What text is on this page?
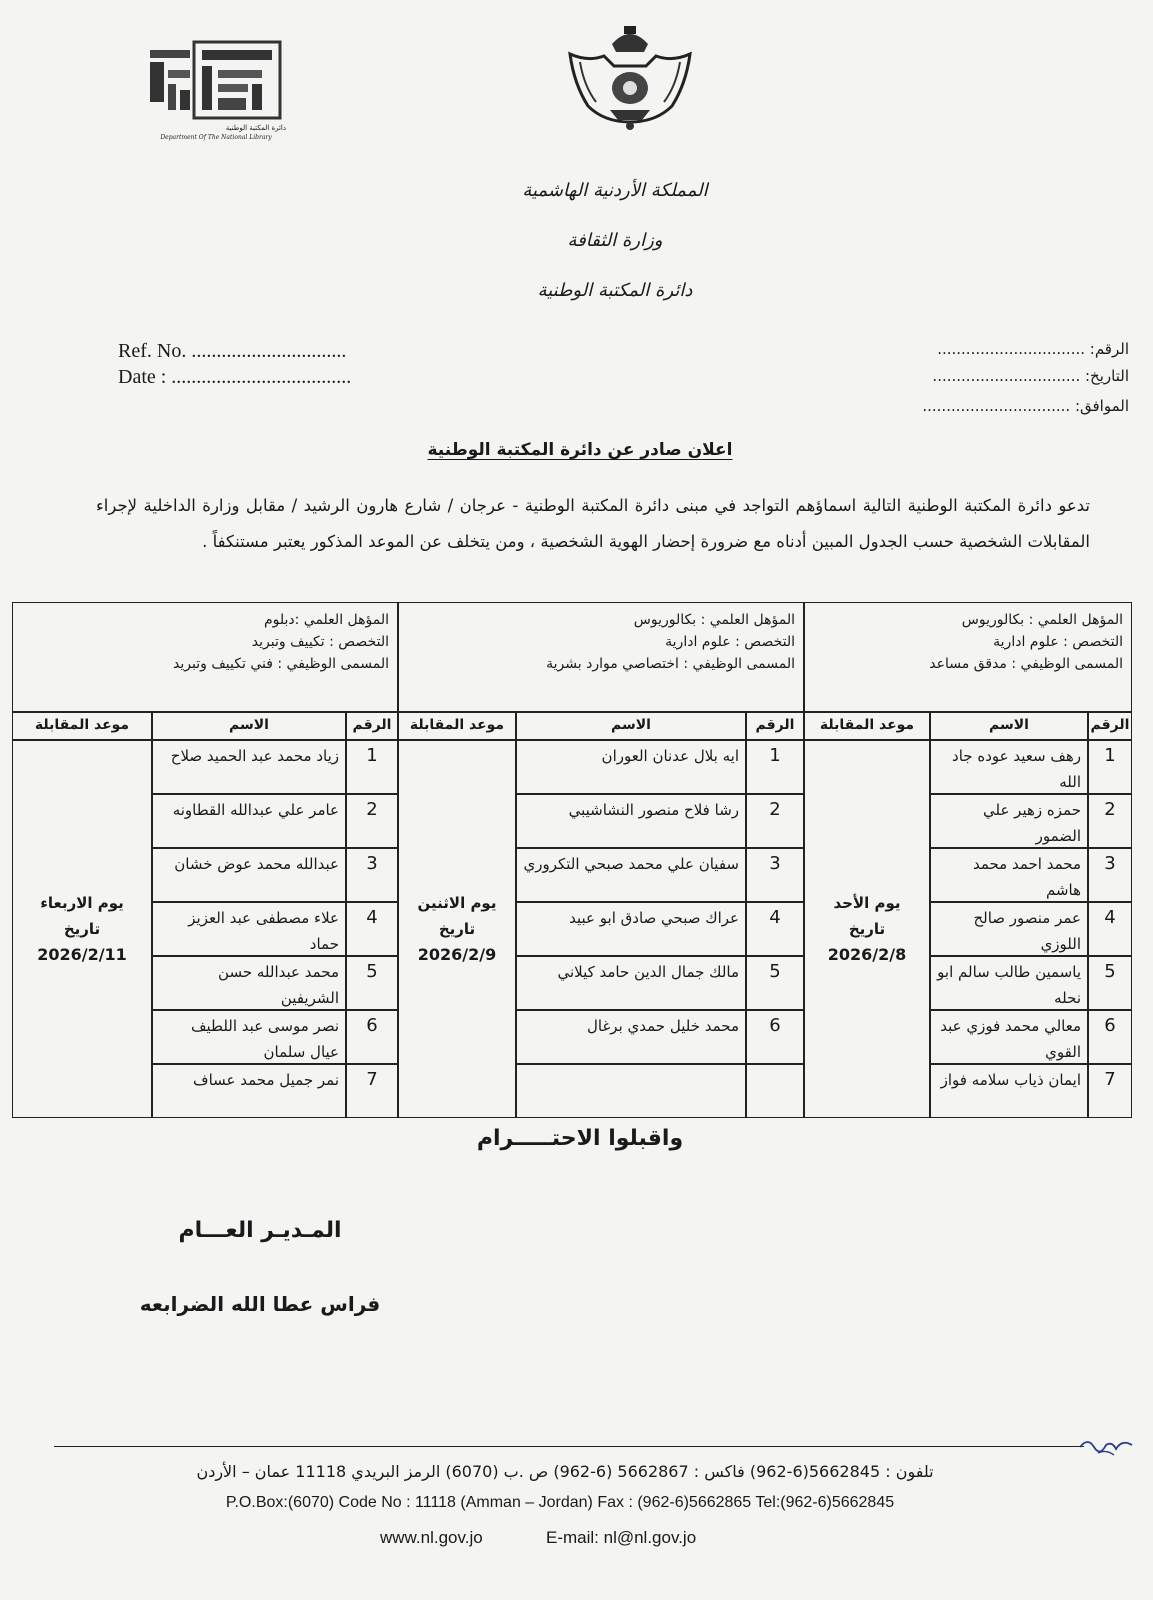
دائرة المكتبة الوطنية
Department Of The National Library
المملكة الأردنية الهاشمية
وزارة الثقافة
دائرة المكتبة الوطنية
Ref. No. ...............................
Date : ....................................
الرقم: ...............................
التاريخ: ...............................
الموافق: ...............................
اعلان صادر عن دائرة المكتبة الوطنية
تدعو دائرة المكتبة الوطنية التالية اسماؤهم التواجد في مبنى دائرة المكتبة الوطنية - عرجان / شارع هارون الرشيد / مقابل وزارة الداخلية لإجراء المقابلات الشخصية حسب الجدول المبين أدناه مع ضرورة إحضار الهوية الشخصية ، ومن يتخلف عن الموعد المذكور يعتبر مستنكفاً .
المؤهل العلمي : بكالوريوس
التخصص : علوم ادارية
المسمى الوظيفي : مدقق مساعد
الرقم
الاسم
موعد المقابلة
1
رهف سعيد عوده جاد الله
2
حمزه زهير علي الضمور
3
محمد احمد محمد هاشم
4
عمر منصور صالح اللوزي
5
ياسمين طالب سالم ابو نحله
6
معالي محمد فوزي عبد القوي
7
ايمان ذياب سلامه فواز
يوم الأحد
تاريخ
2026/2/8
المؤهل العلمي : بكالوريوس
التخصص : علوم ادارية
المسمى الوظيفي : اختصاصي موارد بشرية
الرقم
الاسم
موعد المقابلة
1
ايه بلال عدنان العوران
2
رشا فلاح منصور النشاشيبي
3
سفيان علي محمد صبحي التكروري
4
عراك صبحي صادق ابو عبيد
5
مالك جمال الدين حامد كيلاني
6
محمد خليل حمدي برغال
يوم الاثنين
تاريخ
2026/2/9
المؤهل العلمي :دبلوم
التخصص : تكييف وتبريد
المسمى الوظيفي : فني تكييف وتبريد
الرقم
الاسم
موعد المقابلة
1
زياد محمد عبد الحميد صلاح
2
عامر علي عبدالله القطاونه
3
عبدالله محمد عوض خشان
4
علاء مصطفى عبد العزيز حماد
5
محمد عبدالله حسن الشريفين
6
نصر موسى عبد اللطيف عيال سلمان
7
نمر جميل محمد عساف
يوم الاربعاء
تاريخ
2026/2/11
واقبلوا الاحتـــــرام
المـديـر العـــام
فراس عطا الله الضرابعه
تلفون : 5662845(6-962) فاكس : 5662867 (6-962) ص .ب (6070) الرمز البريدي 11118 عمان – الأردن
P.O.Box:(6070) Code No : 11118 (Amman – Jordan) Fax : (962-6)5662865 Tel:(962-6)5662845
www.nl.gov.jo	E-mail: nl@nl.gov.jo
